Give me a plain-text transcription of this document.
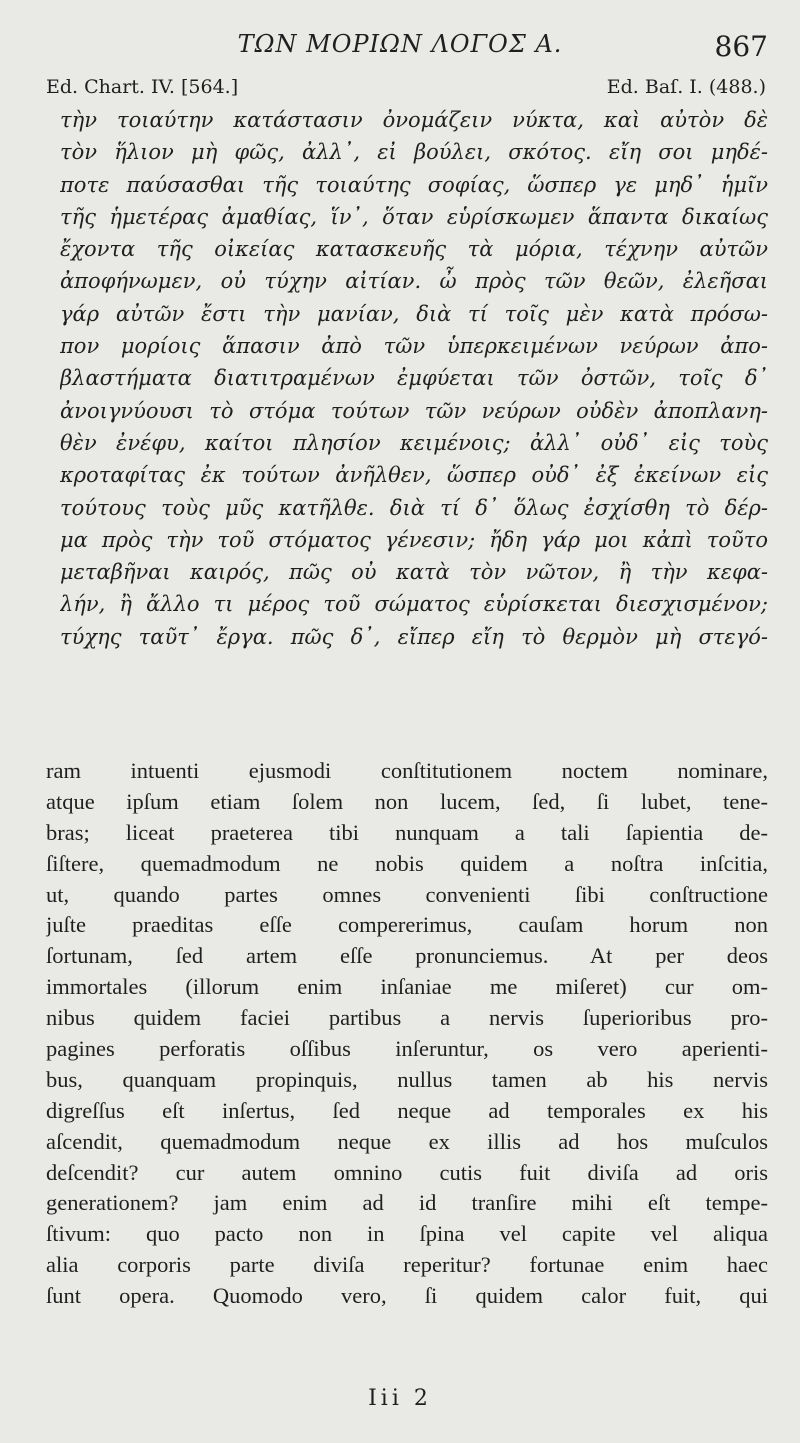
ΤΩΝ ΜΟΡΙΩΝ ΛΟΓΟΣ Α.	867
Ed. Chart. IV. [564.]	Ed. Baſ. I. (488.)
τὴν τοιαύτην κατάστασιν ὀνομάζειν νύκτα, καὶ αὐτὸν δὲ
τὸν ἥλιον μὴ φῶς, ἀλλ᾽, εἰ βούλει, σκότος. εἴη σοι μηδέ-
ποτε παύσασθαι τῆς τοιαύτης σοφίας, ὥσπερ γε μηδ᾽ ἡμῖν
τῆς ἡμετέρας ἀμαθίας, ἵν᾽, ὅταν εὑρίσκωμεν ἅπαντα δικαίως
ἔχοντα τῆς οἰκείας κατασκευῆς τὰ μόρια, τέχνην αὐτῶν
ἀποφήνωμεν, οὐ τύχην αἰτίαν. ὦ πρὸς τῶν θεῶν, ἐλεῆσαι
γάρ αὐτῶν ἔστι τὴν μανίαν, διὰ τί τοῖς μὲν κατὰ πρόσω-
πον μορίοις ἅπασιν ἀπὸ τῶν ὑπερκειμένων νεύρων ἀπο-
βλαστήματα διατιτραμένων ἐμφύεται τῶν ὀστῶν, τοῖς δ᾽
ἀνοιγνύουσι τὸ στόμα τούτων τῶν νεύρων οὐδὲν ἀποπλανη-
θὲν ἐνέφυ, καίτοι πλησίον κειμένοις; ἀλλ᾽ οὐδ᾽ εἰς τοὺς
κροταφίτας ἐκ τούτων ἀνῆλθεν, ὥσπερ οὐδ᾽ ἐξ ἐκείνων εἰς
τούτους τοὺς μῦς κατῆλθε. διὰ τί δ᾽ ὅλως ἐσχίσθη τὸ δέρ-
μα πρὸς τὴν τοῦ στόματος γένεσιν; ἤδη γάρ μοι κἀπὶ τοῦτο
μεταβῆναι καιρός, πῶς οὐ κατὰ τὸν νῶτον, ἢ τὴν κεφα-
λήν, ἢ ἄλλο τι μέρος τοῦ σώματος εὑρίσκεται διεσχισμένον;
τύχης ταῦτ᾽ ἔργα. πῶς δ᾽, εἴπερ εἴη τὸ θερμὸν μὴ στεγό-
ram intuenti ejusmodi conſtitutionem noctem nominare,
atque ipſum etiam ſolem non lucem, ſed, ſi lubet, tene-
bras; liceat praeterea tibi nunquam a tali ſapientia de-
ſiſtere, quemadmodum ne nobis quidem a noſtra inſcitia,
ut, quando partes omnes convenienti ſibi conſtructione
juſte praeditas eſſe compererimus, cauſam horum non
ſortunam, ſed artem eſſe pronunciemus. At per deos
immortales (illorum enim inſaniae me miſeret) cur om-
nibus quidem faciei partibus a nervis ſuperioribus pro-
pagines perforatis oſſibus inſeruntur, os vero aperienti-
bus, quanquam propinquis, nullus tamen ab his nervis
digreſſus eſt inſertus, ſed neque ad temporales ex his
aſcendit, quemadmodum neque ex illis ad hos muſculos
deſcendit? cur autem omnino cutis fuit diviſa ad oris
generationem? jam enim ad id tranſire mihi eſt tempe-
ſtivum: quo pacto non in ſpina vel capite vel aliqua
alia corporis parte diviſa reperitur? fortunae enim haec
ſunt opera. Quomodo vero, ſi quidem calor fuit, qui
Iii 2
